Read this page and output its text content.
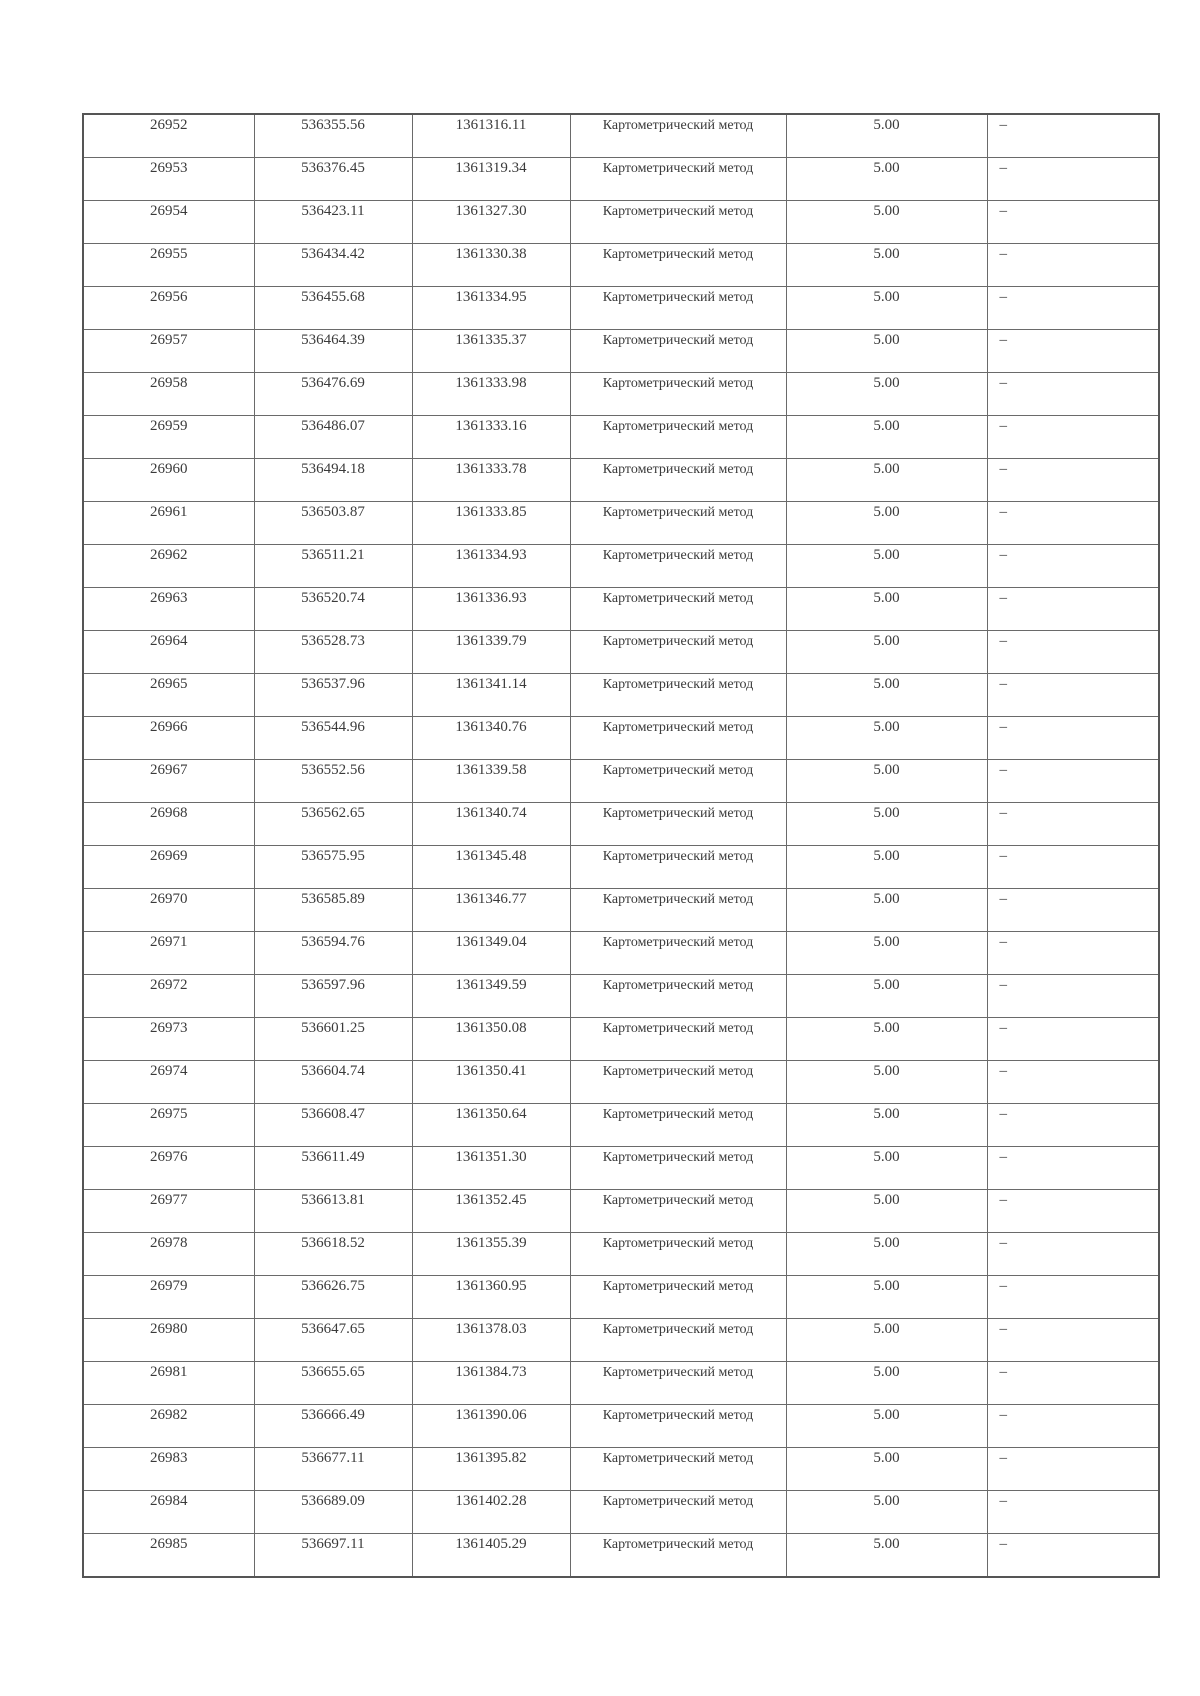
26952	536355.56	1361316.11	Картометрический метод	5.00	–
26953	536376.45	1361319.34	Картометрический метод	5.00	–
26954	536423.11	1361327.30	Картометрический метод	5.00	–
26955	536434.42	1361330.38	Картометрический метод	5.00	–
26956	536455.68	1361334.95	Картометрический метод	5.00	–
26957	536464.39	1361335.37	Картометрический метод	5.00	–
26958	536476.69	1361333.98	Картометрический метод	5.00	–
26959	536486.07	1361333.16	Картометрический метод	5.00	–
26960	536494.18	1361333.78	Картометрический метод	5.00	–
26961	536503.87	1361333.85	Картометрический метод	5.00	–
26962	536511.21	1361334.93	Картометрический метод	5.00	–
26963	536520.74	1361336.93	Картометрический метод	5.00	–
26964	536528.73	1361339.79	Картометрический метод	5.00	–
26965	536537.96	1361341.14	Картометрический метод	5.00	–
26966	536544.96	1361340.76	Картометрический метод	5.00	–
26967	536552.56	1361339.58	Картометрический метод	5.00	–
26968	536562.65	1361340.74	Картометрический метод	5.00	–
26969	536575.95	1361345.48	Картометрический метод	5.00	–
26970	536585.89	1361346.77	Картометрический метод	5.00	–
26971	536594.76	1361349.04	Картометрический метод	5.00	–
26972	536597.96	1361349.59	Картометрический метод	5.00	–
26973	536601.25	1361350.08	Картометрический метод	5.00	–
26974	536604.74	1361350.41	Картометрический метод	5.00	–
26975	536608.47	1361350.64	Картометрический метод	5.00	–
26976	536611.49	1361351.30	Картометрический метод	5.00	–
26977	536613.81	1361352.45	Картометрический метод	5.00	–
26978	536618.52	1361355.39	Картометрический метод	5.00	–
26979	536626.75	1361360.95	Картометрический метод	5.00	–
26980	536647.65	1361378.03	Картометрический метод	5.00	–
26981	536655.65	1361384.73	Картометрический метод	5.00	–
26982	536666.49	1361390.06	Картометрический метод	5.00	–
26983	536677.11	1361395.82	Картометрический метод	5.00	–
26984	536689.09	1361402.28	Картометрический метод	5.00	–
26985	536697.11	1361405.29	Картометрический метод	5.00	–
